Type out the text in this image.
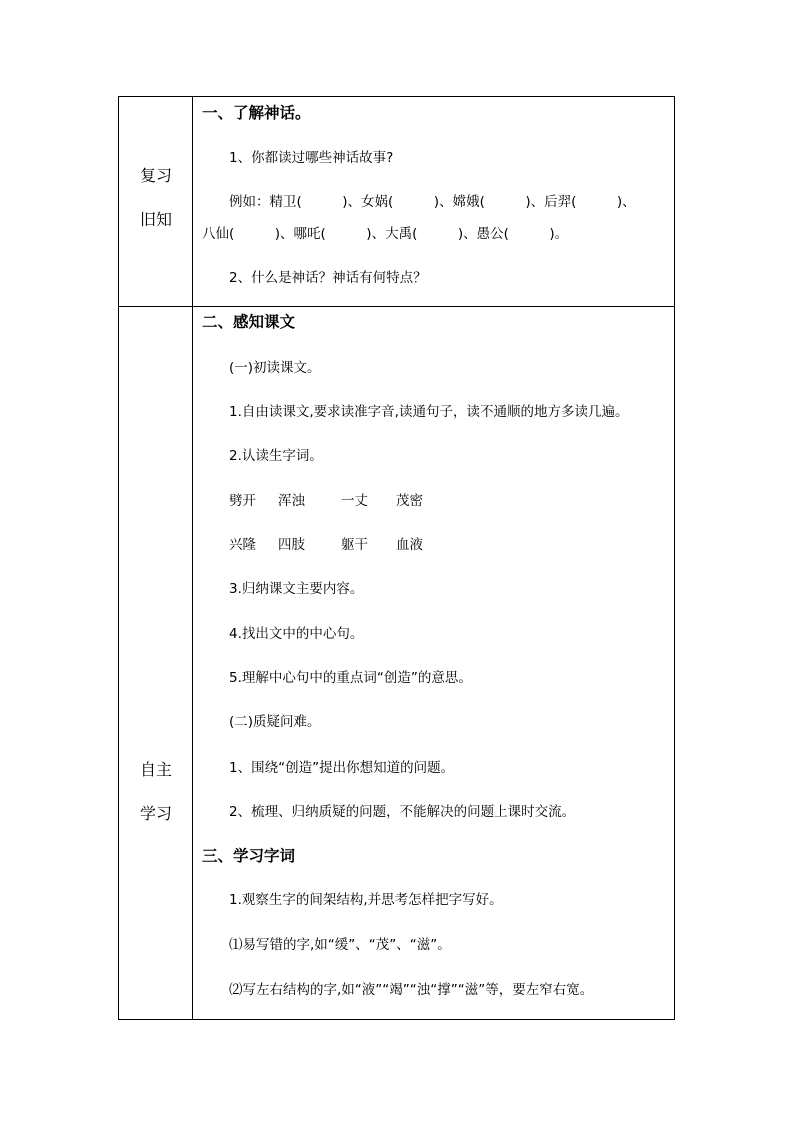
复习
旧知
一、了解神话。
1、你都读过哪些神话故事?
例如：精卫(　　　)、女娲(　　　)、嫦娥(　　　)、后羿(　　　)、
八仙(　　　)、哪吒(　　　)、大禹(　　　)、愚公(　　　)。
2、什么是神话？神话有何特点？
自主
学习
二、感知课文
(一)初读课文。
1.自由读课文,要求读准字音,读通句子，读不通顺的地方多读几遍。
2.认读生字词。
劈开 浑浊	一丈 茂密
兴隆 四肢	躯干 血液
3.归纳课文主要内容。
4.找出文中的中心句。
5.理解中心句中的重点词“创造”的意思。
(二)质疑问难。
1、围绕“创造”提出你想知道的问题。
2、梳理、归纳质疑的问题，不能解决的问题上课时交流。
三、学习字词
1.观察生字的间架结构,并思考怎样把字写好。
⑴易写错的字,如“缓”、“茂”、“滋”。
⑵写左右结构的字,如“液”“竭”“浊“撑”“滋”等，要左窄右宽。
